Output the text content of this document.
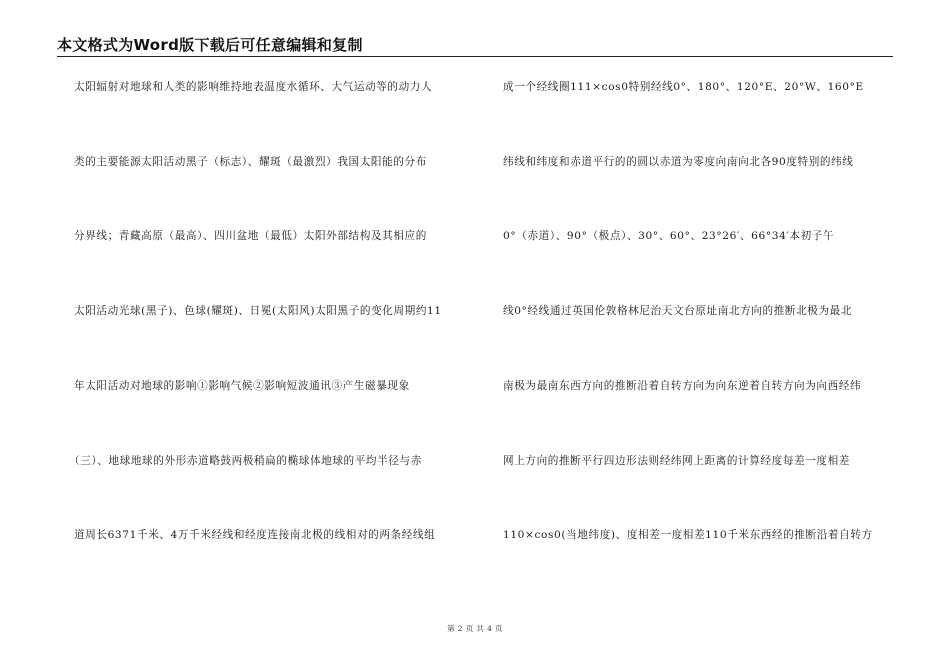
本文格式为Word版下载后可任意编辑和复制
太阳辐射对地球和人类的影响维持地表温度水循环、大气运动等的动力人
类的主要能源太阳活动黑子（标志）、耀斑（最激烈）我国太阳能的分布
分界线；青藏高原（最高）、四川盆地（最低）太阳外部结构及其相应的
太阳活动光球(黑子)、色球(耀斑)、日冕(太阳风)太阳黑子的变化周期约11
年太阳活动对地球的影响①影响气候②影响短波通讯③产生磁暴现象
（三）、地球地球的外形赤道略鼓两极稍扁的椭球体地球的平均半径与赤
道周长6371千米、4万千米经线和经度连接南北极的线相对的两条经线组
成一个经线圈111×cos0特别经线0°、180°、120°E、20°W、160°E
纬线和纬度和赤道平行的的圆以赤道为零度向南向北各90度特别的纬线
0°（赤道）、90°（极点）、30°、60°、23°26′、66°34′本初子午
线0°经线通过英国伦敦格林尼治天文台原址南北方向的推断北极为最北
南极为最南东西方向的推断沿着自转方向为向东逆着自转方向为向西经纬
网上方向的推断平行四边形法则经纬网上距离的计算经度每差一度相差
110×cos0(当地纬度)、度相差一度相差110千米东西经的推断沿着自转方
第 2 页 共 4 页
